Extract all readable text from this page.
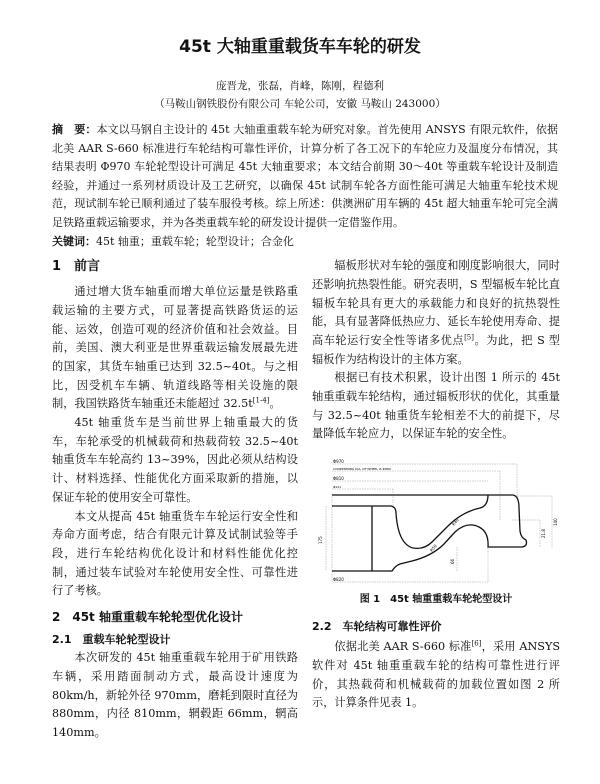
45t 大轴重重载货车车轮的研发
庞晋龙，张磊，肖峰，陈刚，程德利
（马鞍山钢铁股份有限公司 车轮公司，安徽 马鞍山 243000）
摘　要：本文以马钢自主设计的 45t 大轴重重载车轮为研究对象。首先使用 ANSYS 有限元软件，依据北美 AAR S-660 标准进行车轮结构可靠性评价，计算分析了各工况下的车轮应力及温度分布情况，其结果表明 Φ970 车轮轮型设计可满足 45t 大轴重要求；本文结合前期 30～40t 等重载车轮设计及制造经验，并通过一系列材质设计及工艺研究，以确保 45t 试制车轮各方面性能可满足大轴重车轮技术规范，现试制车轮已顺利通过了装车服役考核。综上所述：供澳洲矿用车辆的 45t 超大轴重车轮可完全满足铁路重载运输要求，并为各类重载车轮的研发设计提供一定借鉴作用。
关键词：45t 轴重；重载车轮；轮型设计；合金化
1　前言

通过增大货车轴重而增大单位运量是铁路重载运输的主要方式，可显著提高铁路货运的运能、运效，创造可观的经济价值和社会效益。目前，美国、澳大利亚是世界重载运输发展最先进的国家，其货车轴重已达到 32.5~40t。与之相比，因受机车车辆、轨道线路等相关设施的限制，我国铁路货车轴重还未能超过 32.5t[1-4]。

45t 轴重货车是当前世界上轴重最大的货车，车轮承受的机械载荷和热载荷较 32.5~40t 轴重货车车轮高约 13~39%，因此必须从结构设计、材料选择、性能优化方面采取新的措施，以保证车轮的使用安全可靠性。

本文从提高 45t 轴重货车车轮运行安全性和寿命方面考虑，结合有限元计算及试制试验等手段，进行车轮结构优化设计和材料性能优化控制，通过装车试验对车轮使用安全性、可靠性进行了考核。

2　45t 轴重重载车轮轮型优化设计
2.1　重载车轮轮型设计

本次研发的 45t 轴重重载车轮用于矿用铁路车辆，采用踏面制动方式，最高设计速度为 80km/h，新轮外径 970mm，磨耗到限时直径为 880mm，内径 810mm，辋毂距 66mm，辋高 140mm。

辐板形状对车轮的强度和刚度影响很大，同时还影响抗热裂性能。研究表明，S 型辐板车轮比直辐板车轮具有更大的承载能力和良好的抗热裂性能，具有显著降低热应力、延长车轮使用寿命、提高车轮运行安全性等诸多优点[5]。为此，把 S 型辐板作为结构设计的主体方案。

根据已有技术积累，设计出图 1 所示的 45t 轴重重载车轮结构，通过辐板形状的优化，其重量与 32.5~40t 轴重货车轮相差不大的前提下，尽量降低车轮应力，以保证车轮的安全性。

Φ970
CONDEMNING DIA. OF WHEEL IS Φ880
Φ810
Φ121
Φ820
175
140
21.8
66
R40
R50
图 1　45t 轴重重载车轮轮型设计
2.2　车轮结构可靠性评价

依据北美 AAR S-660 标准[6]，采用 ANSYS 软件对 45t 轴重重载车轮的结构可靠性进行评价，其热载荷和机械载荷的加载位置如图 2 所示，计算条件见表 1。
